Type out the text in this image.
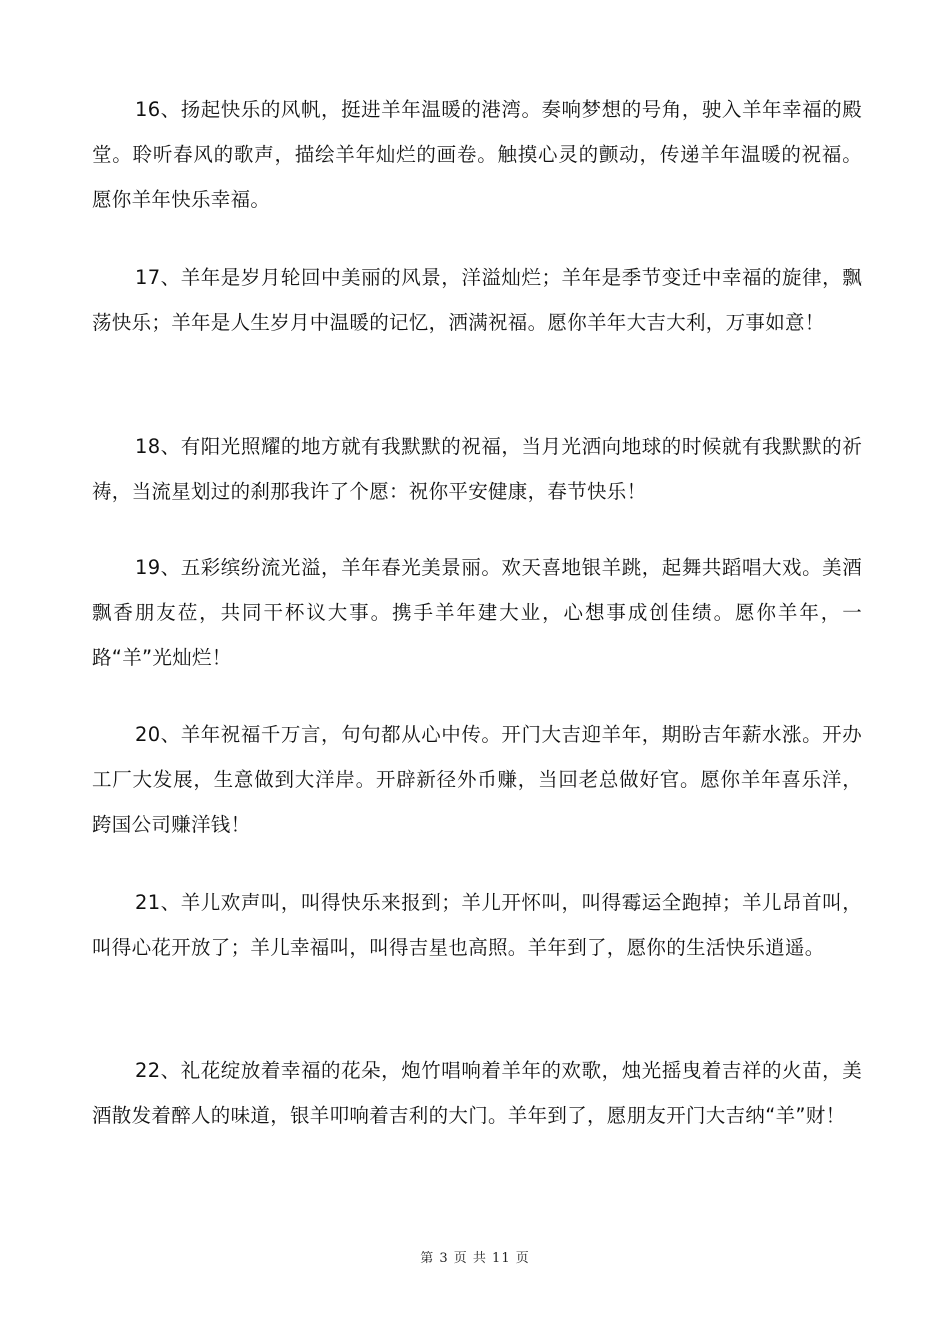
16、扬起快乐的风帆，挺进羊年温暖的港湾。奏响梦想的号角，驶入羊年幸福的殿堂。聆听春风的歌声，描绘羊年灿烂的画卷。触摸心灵的颤动，传递羊年温暖的祝福。愿你羊年快乐幸福。

17、羊年是岁月轮回中美丽的风景，洋溢灿烂；羊年是季节变迁中幸福的旋律，飘荡快乐；羊年是人生岁月中温暖的记忆，洒满祝福。愿你羊年大吉大利，万事如意！

18、有阳光照耀的地方就有我默默的祝福，当月光洒向地球的时候就有我默默的祈祷，当流星划过的刹那我许了个愿：祝你平安健康，春节快乐！

19、五彩缤纷流光溢，羊年春光美景丽。欢天喜地银羊跳，起舞共蹈唱大戏。美酒飘香朋友莅，共同干杯议大事。携手羊年建大业，心想事成创佳绩。愿你羊年，一路“羊”光灿烂！

20、羊年祝福千万言，句句都从心中传。开门大吉迎羊年，期盼吉年薪水涨。开办工厂大发展，生意做到大洋岸。开辟新径外币赚，当回老总做好官。愿你羊年喜乐洋，跨国公司赚洋钱！

21、羊儿欢声叫，叫得快乐来报到；羊儿开怀叫，叫得霉运全跑掉；羊儿昂首叫，叫得心花开放了；羊儿幸福叫，叫得吉星也高照。羊年到了，愿你的生活快乐逍遥。

22、礼花绽放着幸福的花朵，炮竹唱响着羊年的欢歌，烛光摇曳着吉祥的火苗，美酒散发着醉人的味道，银羊叩响着吉利的大门。羊年到了，愿朋友开门大吉纳“羊”财！

第 3 页 共 11 页
